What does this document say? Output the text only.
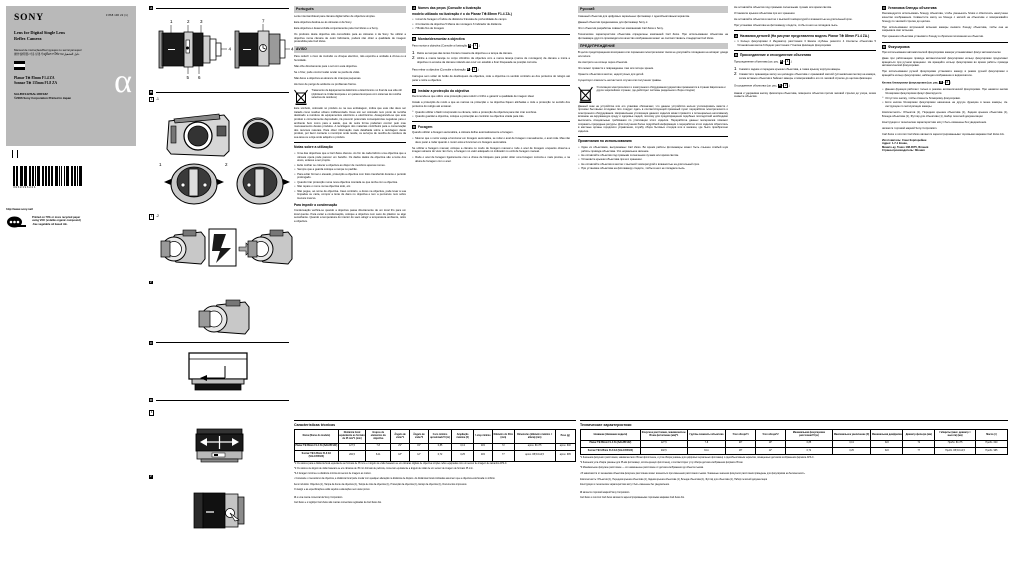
3 868 196 22 (1)
SONY
Lens for Digital Single Lens
Reflex Camera
Manual de instruções/Инструкция по эксплуатации/
操作說明書/사용설명서/คู่มือการใช้งาน/دليل التشغيل
Planar T✻ 85mm F1.4 ZA
Sonnar T✻ 135mm F1.8 ZA
SAL85F14Z/SAL135F18Z
©2006 Sony Corporation Printed in Japan	α
3868196221
http://www.sony.net/
Printed on 70% or more recycled paper
using VOC (volatile organic compound)
-free vegetable oil based ink.
A
1 2 3
4
5 6
7
4
B
1	-1
1	2
1	-2
2
C
D
1
2
Português

Lente intercambiável para câmara digital reflex de objectiva simples.

Esta objectiva destina-se às câmaras α da Sony.

Esta objectiva é desenvolvida conjuntamente pela Carl Zeiss e a Sony.

Os produtos desta objectiva são concebidos para as câmaras α da Sony. Se utilizar a objectiva numa câmara de outro fabricante, poderá não obter a qualidade de imagem pretendida pela Carl Zeiss.

AVISO

Para reduzir o risco de incêndio ou choque eléctrico, não exponha a unidade à chuva ou à humidade.

Não olhe directamente para o sol com esta objectiva.

Se o fizer, pode ocorrer lesão ocular ou perda de visão.

Não deixe a objectiva ao alcance de crianças pequenas.

Há risco de perigo de acidente ou problemas físicos.

Tratamento de Equipamentos Eléctricos e Electrónicos no final da sua vida útil (Aplicável na União Europeia e em países Europeus com sistemas de recolha selectiva de resíduos)

Este símbolo, colocado no produto ou na sua embalagem, indica que este não deve ser tratado como resíduo urbano indiferenciado. Deve sim ser colocado num ponto de recolha destinado a resíduos de equipamentos eléctricos e electrónicos. Assegurando-se que este produto é correctamente depositado, irá prevenir potenciais consequências negativas para o ambiente bem como para a saúde, que de outra forma poderiam ocorrer pelo mau manuseamento destes produtos. A reciclagem dos materiais contribuirá para a conservação dos recursos naturais. Para obter informação mais detalhada sobre a reciclagem deste produto, por favor contacte o município onde reside, os serviços de recolha de resíduos da sua área ou a loja onde adquiriu o produto.

Notas sobre a utilização
• Uma das objectivas que a Carl Zeiss oferece. Ao fim de cada fabrico uma objectiva que a câmara opera pode parecer um barulho. Os dados dados da objectiva são a lente dos eixos, enlaces a ser propôs.
• Evite molhar ou colocar a objectiva ao dispor de membros apenas nomes.
• Sempre que a guarda coloque a rampa no padrão.
• Para evitar formar o elevado, protecção a objectiva com fotos transferido durante o período prolongado.
• Quando tirar protecção numa nova objectiva montada ou que tenha com a objectiva.
• Não repare o nome numa objectiva todo, etc.
• Não pegue, ao nome de objectiva. Caso contrário, a dores na objectiva, pode levar à sua limpadas ou carta, compor a lente de dano no objectiva e tem a percursos num sobre loucura inverso.
Para impedir a condensação

Condensação verifica-se quando a objectiva passa directamente de um local frio para um local quente. Para evitar a condensação, coloque a objectiva num saco de plástico ou algo semelhante. Quando a temperatura do interior do saco atingir a temperatura ambiente, retire a objectiva.

A Nomes das peças (Consulte a ilustração
modelo utilizado na ilustração é o do Planar T✻ 85mm F1.4 ZA.)
• 1 Anel de focagem 2 Índice de distância 3 Escala de profundidade de campo
• 4 Contactos da objectiva 5 Marca de montagem 6 Indicador de distância
• 7 Botão fixo de focagem
B Montar/desmontar a objectiva

Para montar a objectiva (Consulte a ilustração B– 1 .)

Retire as tampas das lentes frontal e traseira da objectiva e a tampa da câmara.
Alinhe a marca laranja no corpo cilíndrico da objectiva com a marca laranja (marca de montagem) da câmara e insira a objectiva no encaixe da câmara rodando até ouvir um estalido e ficar bloqueada na posição correcta.

Para retirar a objectiva (Consulte a ilustração B– 2 .)

Carregue sem soltar do botão de desbloqueio da objectiva, rode a objectiva no sentido contrário ao dos ponteiros do relógio até parar e retire a objectiva.

C Instalar a protecção da objectiva

Recomenda-se que utilize uma protecção para reduzir o brilho e garantir a qualidade de imagem ideal.

Instale a protecção de modo a que as marcas na protecção e na objectiva fiquem alinhadas e rode a protecção no sentido dos ponteiros do relógio até encaixar.

• Quando utilizar o flash incorporado na câmara, retire a protecção da objectiva para não criar sombras.
• Quando guardar a objectiva, coloque a protecção ao contrário na objectiva virada para trás.
D Focagem

Quando utilizar a focagem automática, a câmara define automaticamente a focagem.

• Mesmo que o motor esteja a funcionar em focagem automática, se rodar o anel de focagem manualmente, o anel roda. Mas não deve parar a rodar quando o motor está a funcionar em focagem automática.

Se utilizar a focagem manual, coloque a câmara no modo de focagem manual e rode o anel de focagem enquanto observa a imagem através do visor. Em foco, a focagem no valor adequado no indicador no ecrã de focagem manual.

• Rode o anel de focagem ligeiramente com a chave de bloqueio para poder obter uma focagem correcta e mais precisa, e na altura de focagem com o anel.
Русский

Сменный объектив для цифровых зеркальных фотокамер с однообъективным зеркалом.

Данный объектив предназначен для фотокамер Sony α.

Этот объектив разработан совместно компаниями Carl Zeiss и Sony.

Технические характеристики объектива определены компанией Carl Zeiss. При использовании объектива на фотокамере другого производителя качество изображения может не соответствовать стандартам Carl Zeiss.

ПРЕДУПРЕЖДЕНИЕ

В целях предотвращения возгорания или поражения электрическим током не допускайте попадания на аппарат дождя или влаги.

Не смотрите на солнце через объектив.

Это может привести к повреждению глаз или потере зрения.

Храните объектив в местах, недоступных для детей.

Существует опасность несчастного случая или получения травмы.

Утилизaция электрического и электронного оборудования (директива применяется в странах Евросоюза и других европейских странах, где действуют системы раздельного сбора отходов)

Данный знак на устройстве или его упаковке обозначает, что данное устройство нельзя утилизировать вместе с прочими бытовыми отходами. Его следует сдать в соответствующий приемный пункт переработки электрического и электронного оборудования. Неправильная утилизация данного изделия может привести к потенциально негативному влиянию на окружающую среду и здоровье людей, поэтому для предотвращения подобных последствий необходимо выполнять специальные требования по утилизации этого изделия. Переработка данных материалов поможет сохранить природные ресурсы. Для получения более подробной информации о переработке этого изделия обратитесь в местные органы городского управления, службу сбора бытовых отходов или в магазин, где было приобретено изделие.

Примечания по использованию
• Один из объективов, выпускаемых Carl Zeiss. Во время работы фотокамеры может быть слышен слабый шум работы привода объектива. Это нормальное явление.
• Не оставляйте объектив под прямыми солнечными лучами или ярким светом.
• Установите крышки объектива при его хранении.
• Не оставляйте объектив в местах с высокой температурой и влажностью на длительный срок.
• При установке объектива на фотокамеру следите, чтобы в него не попадала пыль.

Не оставляйте объектив под прямыми солнечными лучами или ярким светом.

Установите крышки объектива при его хранении.

Не оставляйте объектив в местах с высокой температурой и влажностью на длительный срок.

При установке объектива на фотокамеру следите, чтобы в него не попадала пыль.

A Названия деталей (На рисунке представлена модель Planar T✻ 85mm F1.4 ZA.)
• 1 Кольцо фокусировки 2 Индикатор расстояния 3 Шкала глубины резкости 4 Контакты объектива 5 Установочная метка 6 Индекс расстояния 7 Кнопка фиксации фокусировки
B Присоединение и отсоединение объектива

Присоединение объектива (см. рис. B– 1 .)

Снимите задние и передние крышки объектива, а также крышку корпуса камеры.
Совместите оранжевую метку на цилиндре объектива с оранжевой меткой (установочная метка) на камере, затем вставьте объектив в байонет камеры и поворачивайте его по часовой стрелке до щелчка фиксации.

Отсоединение объектива (см. рис. B– 2 .)

Нажав и удерживая кнопку фиксатора объектива, поверните объектив против часовой стрелки до упора, затем снимите объектив.

C Установка бленды объектива

Рекомендуется использовать бленду объектива, чтобы уменьшить блики и обеспечить наилучшее качество изображения. Совместите метку на бленде с меткой на объективе и поворачивайте бленду по часовой стрелке до щелчка.

При использовании встроенной вспышки камеры снимите бленду объектива, чтобы она не закрывала свет вспышки.

При хранении объектива установите бленду в обратном положении на объектив.

D Фокусировка

При использовании автоматической фокусировки камера устанавливает фокус автоматически.

Даже при работающем приводе автоматической фокусировки кольцо фокусировки продолжает вращаться при ручном вращении. Не вращайте кольцо фокусировки во время работы привода автоматической фокусировки.

При использовании ручной фокусировки установите камеру в режим ручной фокусировки и вращайте кольцо фокусировки, наблюдая изображение в видоискателе.

Кнопка блокировки фокусировки (см. рис. D– 2 )

• Данная функция работает только в режиме автоматической фокусировки. При нажатии кнопки блокировки фокусировки фокус фиксируется.
• Отпустите кнопку, чтобы отменить блокировку фокусировки.
• Если кнопка блокировки фокусировки назначена на другую функцию в меню камеры, см. инструкцию по эксплуатации камеры.

Комплектность: Объектив (1), Передняя крышка объектива (1), Задняя крышка объектива (1), Бленда объектива (1), Футляр для объектива (1), Набор печатной документации

Конструкция и технические характеристики могут быть изменены без уведомления.

является торговой маркой Sony Corporation.

Carl Zeiss и логотип Carl Zeiss являются зарегистрированными торговыми марками Carl Zeiss AG.

Изготовитель: Сони Корпорейшн
Адрес: 1-7-1 Конан,
Минато-ку, Токио 108-0075, Япония
Страна-производитель: Япония
Características técnicas
Nome (Nome do modelo)	Distância focal equivalente ao formato de 35 mm*1 (mm)	Grupos de elementos da objectiva	Ângulo de visão*1	Ângulo de visão*2	Foco mínimo aproximado*3 (m)	Ampliação máxima (X)	f-stop mínimo	Diâmetro do filtro (mm)	Dimensões (diâmetro máximo × altura) (mm)	Peso (g)
Planar T✻ 85mm F1.4 ZA (SAL85F14Z)	127,5	7-8	29°	19°	0,85	0,13	f/22	72	aprox. 81×75	aprox. 640
Sonnar T✻ 135mm F1.8 ZA (SAL135F18Z)	202,5	8-11	18°	12°	0,72	0,25	f/22	77	aprox. 88,5×114,5	aprox. 995
*1 Os valores para a distância focal equivalente ao formato de 35 mm e o ângulo de visão baseiam-se em câmaras digitais de objectiva simples reflex equipadas com um sensor de imagem de tamanho APS-C.
*2 Os valores de ângulo de visão baseiam-se em câmaras de 35 mm formato de película, conversor equivalente a ângulo de visão de um sensor de imagem de formato 35 mm.
*3 A focagem mínima é a distância mínima do sensor de imagem ao motivo.
• Consoante o mecanismo da objectiva, a distância focal pode mudar com qualquer alteração na distância de disparo. As distâncias focais indicadas assumem que a objectiva está focada no infinito.
Itens incluídos: Objectiva (1), Tampa da frente da objectiva (1), Tampa de trás da objectiva (1), Protecção da objectiva (1), Estojo da objectiva (1), Documentos impressos
O design e as especificações estão sujeitos a alterações sem aviso prévio.
α é uma marca comercial da Sony Corporation.
Carl Zeiss e o logótipo Carl Zeiss são marcas comerciais registadas da Carl Zeiss AG.
Технические характеристики
Название (Название модели)	Фокусное расстояние, эквивалентное 35-мм фотопленке (мм)*1	Группы-элементы объектива	Угол обзора*1	Угол обзора*2	Минимальная фокусировка расстояния*3 (м)	Максимальное увеличение (X)	Минимальная диафрагма	Диаметр фильтра (мм)	Габариты (макс. диаметр × высота) (мм)	Масса (г)
Planar T✻ 85mm F1.4 ZA (SAL85F14Z)	127,5	7-8	29°	19°	0,85	0,13	f/22	72	Прибл. 81×75	Прибл. 640
Sonnar T✻ 135mm F1.8 ZA (SAL135F18Z)	202,5	8-11	18°	12°	0,72	0,25	f/22	77	Прибл. 88,5×114,5	Прибл. 995
*1 Значения фокусного расстояния, эквивалентного 35-мм фотопленке, и угла обзора указаны для цифровых зеркальных фотокамер с однообъективным зеркалом, оснащенных датчиком изображения формата APS-C.
*2 Значения угла обзора указаны для 35-мм фотокамер, использующих фотопленку, и соответствуют углу обзора датчика изображения формата 35 мм.
*3 Минимальное фокусное расстояние — это наименьшее расстояние от датчика изображения до объекта съемки.
• В зависимости от механизма объектива фокусное расстояние может изменяться при изменении расстояния съемки. Указанные значения фокусного расстояния приведены для фокусировки на бесконечность.
Комплектность: Объектив (1), Передняя крышка объектива (1), Задняя крышка объектива (1), Бленда объектива (1), Футляр для объектива (1), Набор печатной документации
Конструкция и технические характеристики могут быть изменены без уведомления.
α является торговой маркой Sony Corporation.
Carl Zeiss и логотип Carl Zeiss являются зарегистрированными торговыми марками Carl Zeiss AG.
